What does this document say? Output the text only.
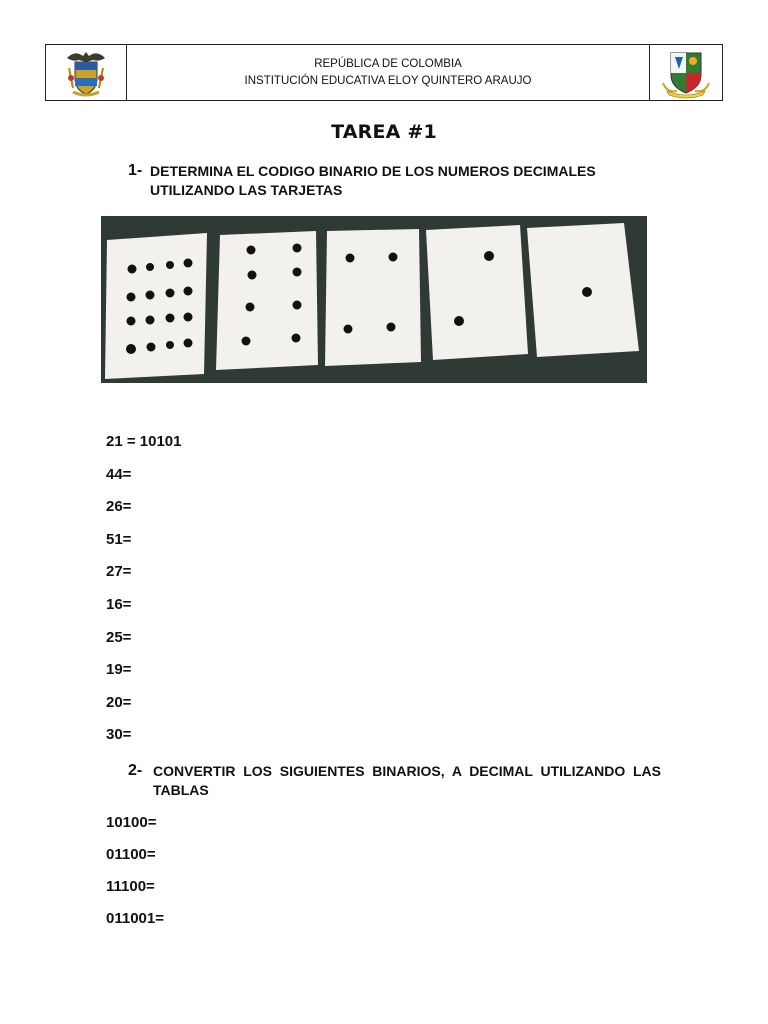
REPÚBLICA DE COLOMBIA
INSTITUCIÓN EDUCATIVA ELOY QUINTERO ARAUJO
TAREA #1
1- DETERMINA EL CODIGO BINARIO DE LOS NUMEROS DECIMALES UTILIZANDO LAS TARJETAS
21 = 10101
44=
26=
51=
27=
16=
25=
19=
20=
30=
2- CONVERTIR LOS SIGUIENTES BINARIOS, A DECIMAL UTILIZANDO LAS TABLAS
10100=
01100=
11100=
011001=
